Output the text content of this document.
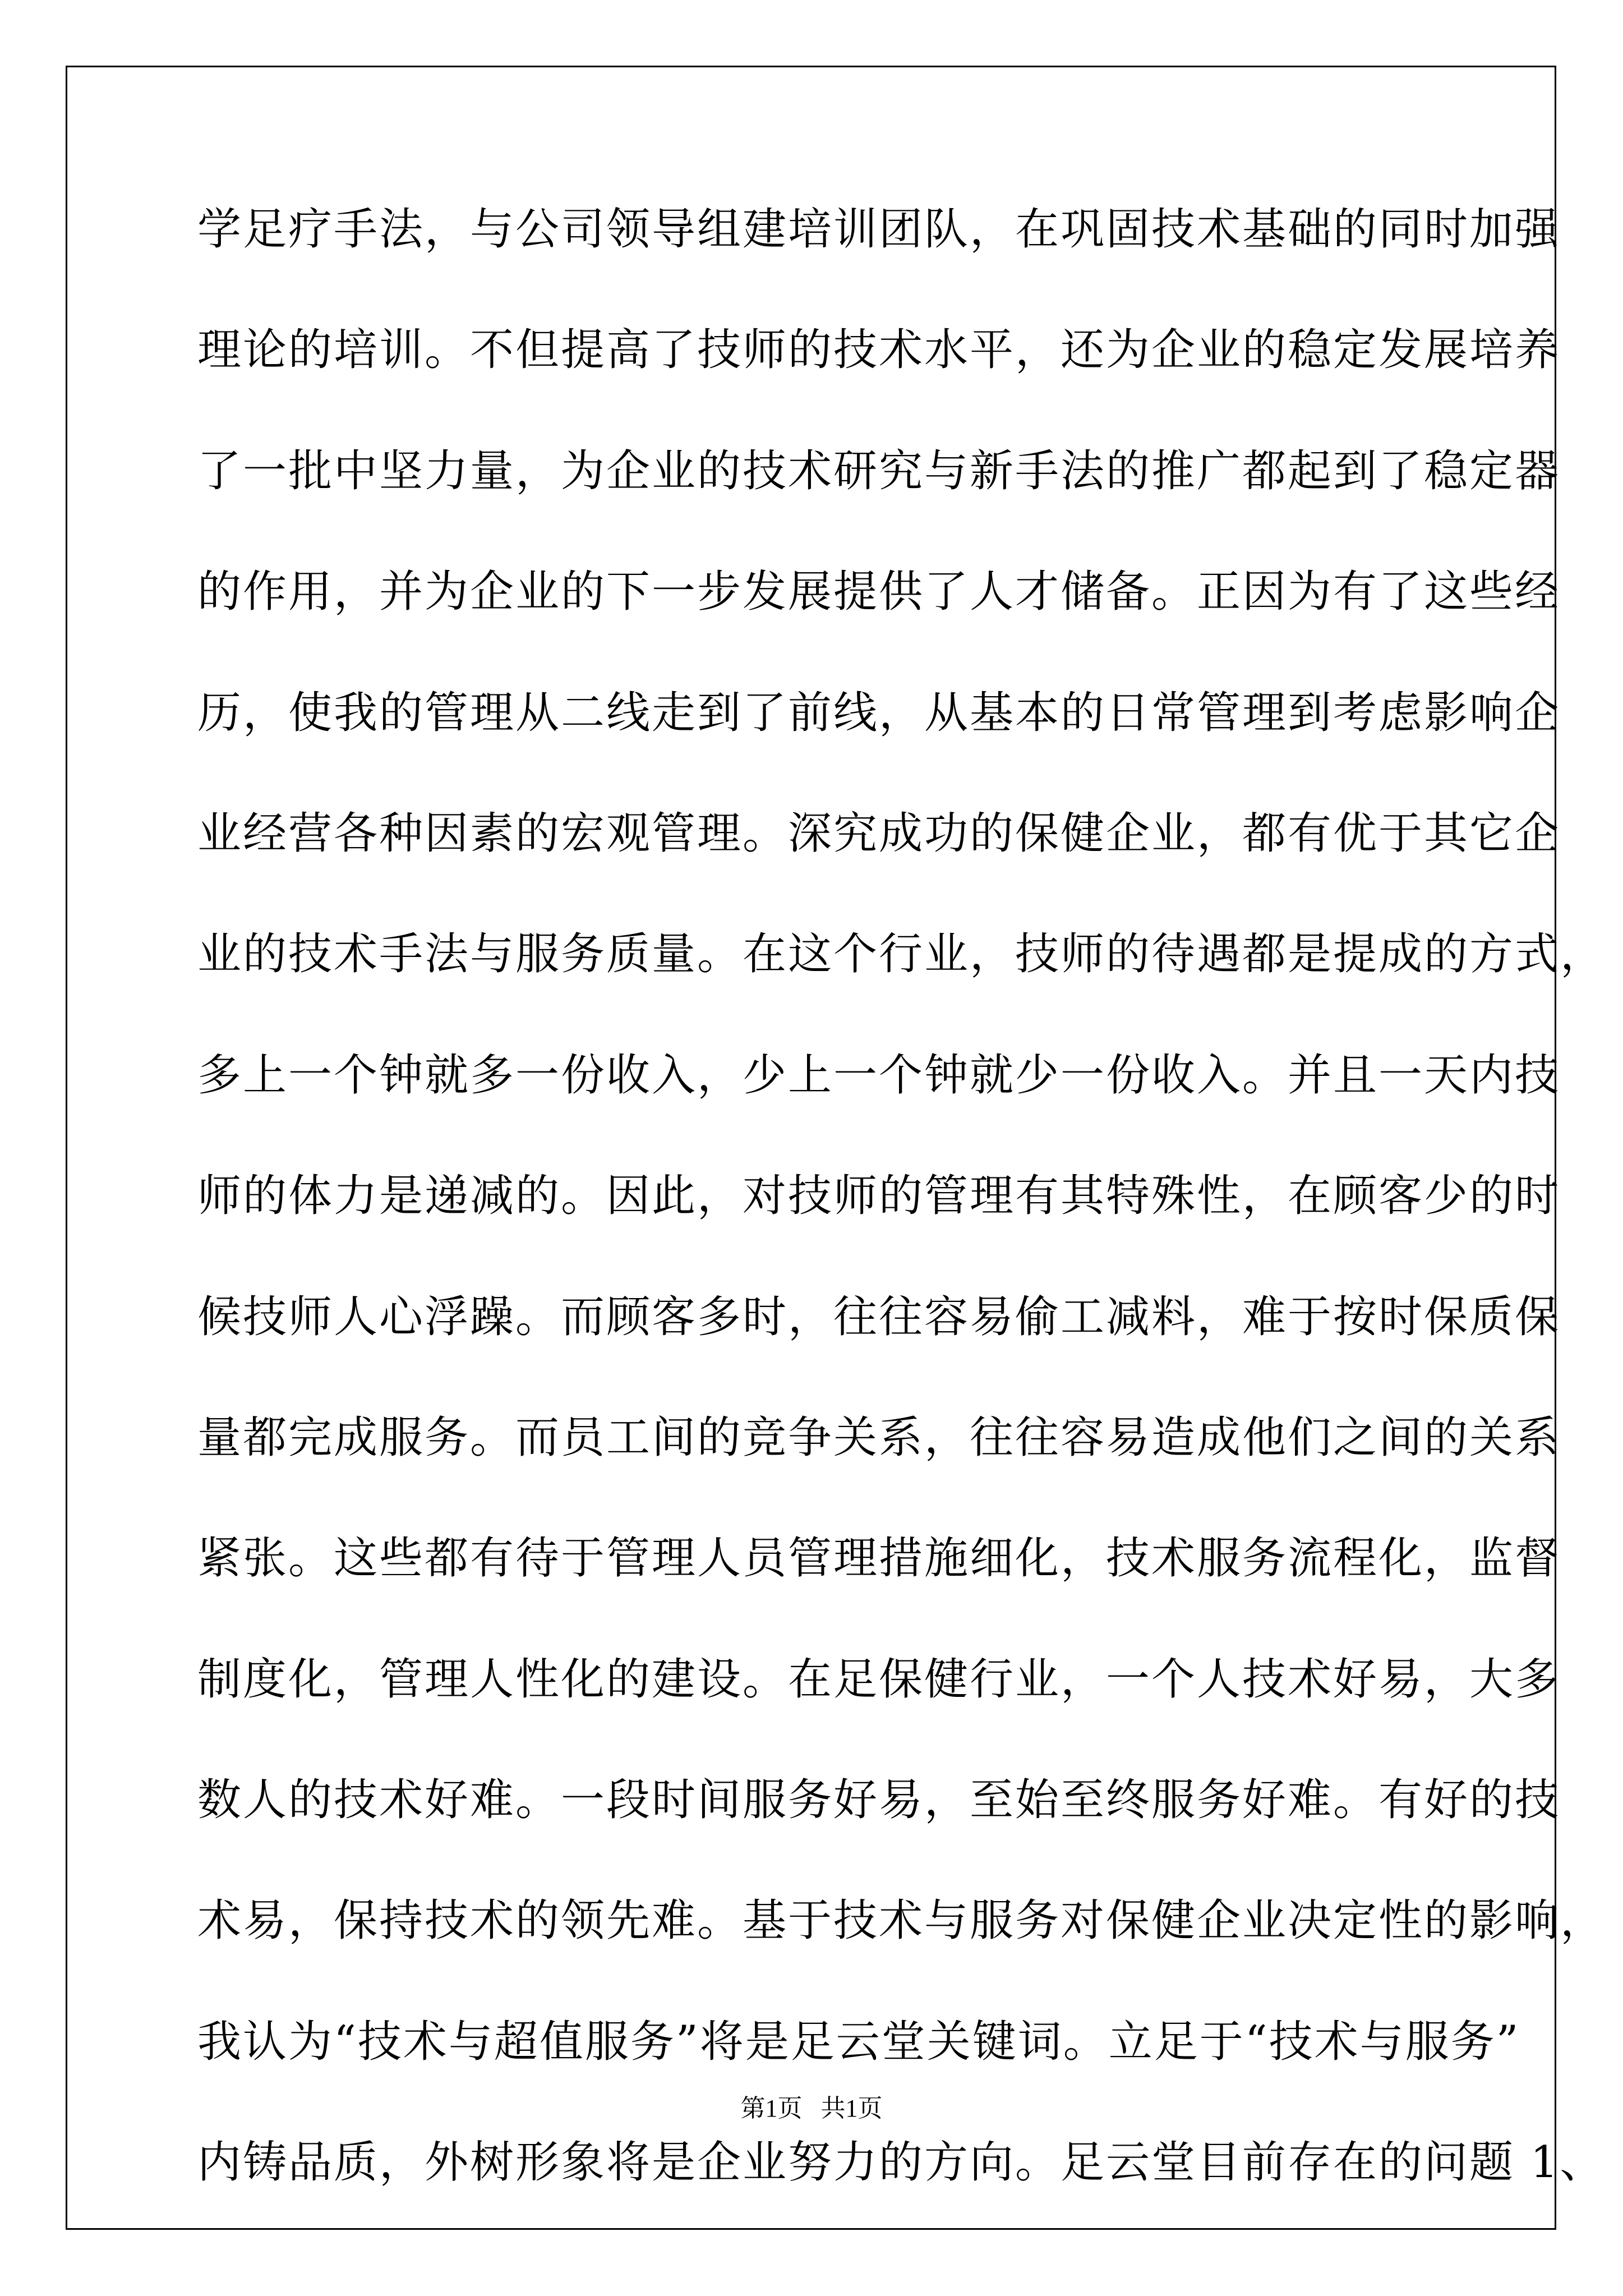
学足疗手法，与公司领导组建培训团队，在巩固技术基础的同时加强
理论的培训。不但提高了技师的技术水平，还为企业的稳定发展培养
了一批中坚力量，为企业的技术研究与新手法的推广都起到了稳定器
的作用，并为企业的下一步发展提供了人才储备。正因为有了这些经
历，使我的管理从二线走到了前线，从基本的日常管理到考虑影响企
业经营各种因素的宏观管理。深究成功的保健企业，都有优于其它企
业的技术手法与服务质量。在这个行业，技师的待遇都是提成的方式，
多上一个钟就多一份收入，少上一个钟就少一份收入。并且一天内技
师的体力是递减的。因此，对技师的管理有其特殊性，在顾客少的时
候技师人心浮躁。而顾客多时，往往容易偷工减料，难于按时保质保
量都完成服务。而员工间的竞争关系，往往容易造成他们之间的关系
紧张。这些都有待于管理人员管理措施细化，技术服务流程化，监督
制度化，管理人性化的建设。在足保健行业，一个人技术好易，大多
数人的技术好难。一段时间服务好易，至始至终服务好难。有好的技
术易，保持技术的领先难。基于技术与服务对保健企业决定性的影响，
我认为“技术与超值服务”将是足云堂关键词。立足于“技术与服务”
内铸品质，外树形象将是企业努力的方向。足云堂目前存在的问题 1、
第1页   共1页
